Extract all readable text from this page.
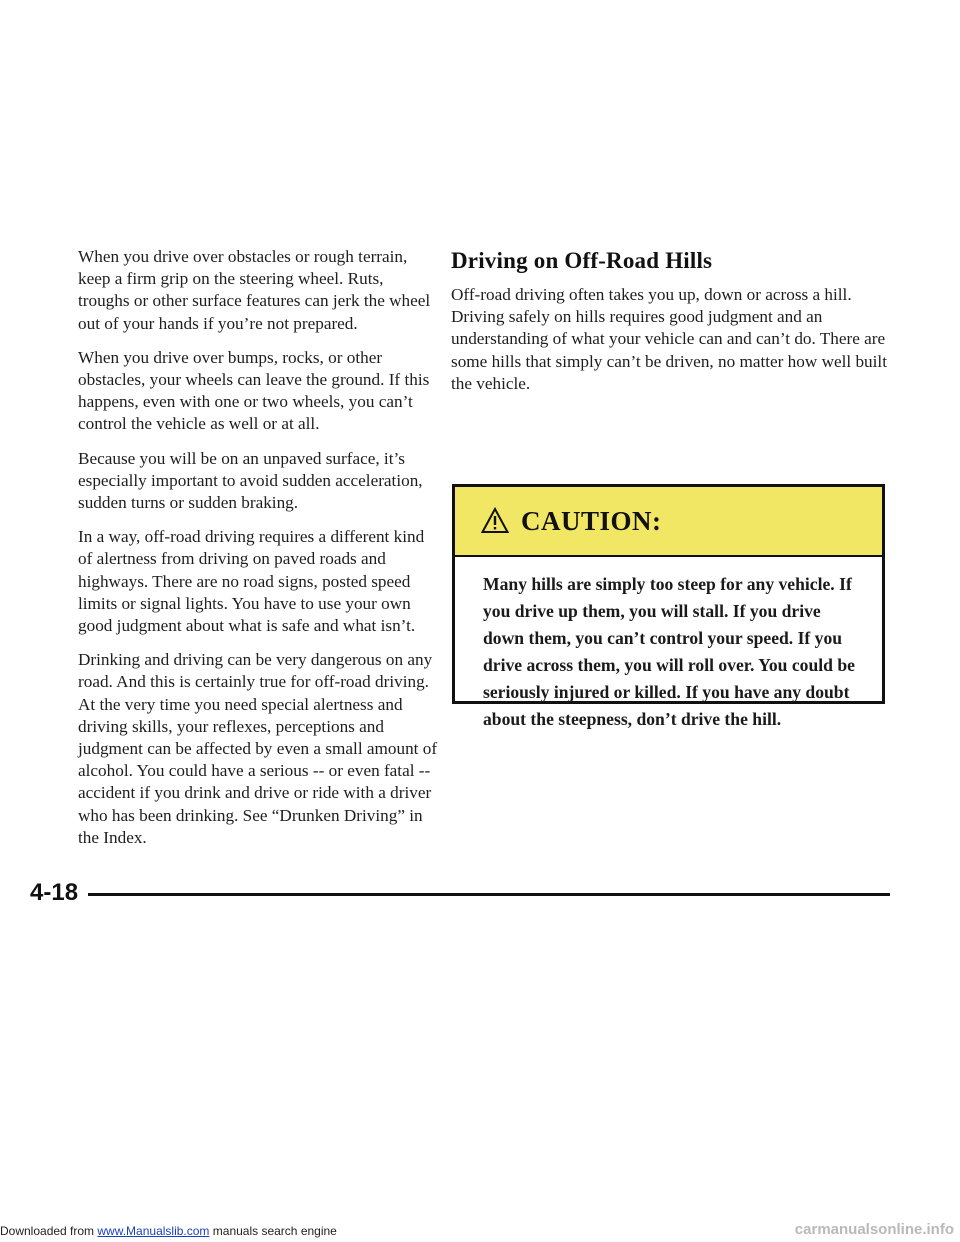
When you drive over obstacles or rough terrain, keep a firm grip on the steering wheel. Ruts, troughs or other surface features can jerk the wheel out of your hands if you’re not prepared.

When you drive over bumps, rocks, or other obstacles, your wheels can leave the ground. If this happens, even with one or two wheels, you can’t control the vehicle as well or at all.

Because you will be on an unpaved surface, it’s especially important to avoid sudden acceleration, sudden turns or sudden braking.

In a way, off-road driving requires a different kind of alertness from driving on paved roads and highways. There are no road signs, posted speed limits or signal lights. You have to use your own good judgment about what is safe and what isn’t.

Drinking and driving can be very dangerous on any road. And this is certainly true for off-road driving. At the very time you need special alertness and driving skills, your reflexes, perceptions and judgment can be affected by even a small amount of alcohol. You could have a serious -- or even fatal -- accident if you drink and drive or ride with a driver who has been drinking. See “Drunken Driving” in the Index.

Driving on Off-Road Hills

Off-road driving often takes you up, down or across a hill. Driving safely on hills requires good judgment and an understanding of what your vehicle can and can’t do. There are some hills that simply can’t be driven, no matter how well built the vehicle.

CAUTION:
Many hills are simply too steep for any vehicle. If you drive up them, you will stall. If you drive down them, you can’t control your speed. If you drive across them, you will roll over. You could be seriously injured or killed. If you have any doubt about the steepness, don’t drive the hill.
4-18
Downloaded from www.Manualslib.com manuals search engine	carmanualsonline.info
